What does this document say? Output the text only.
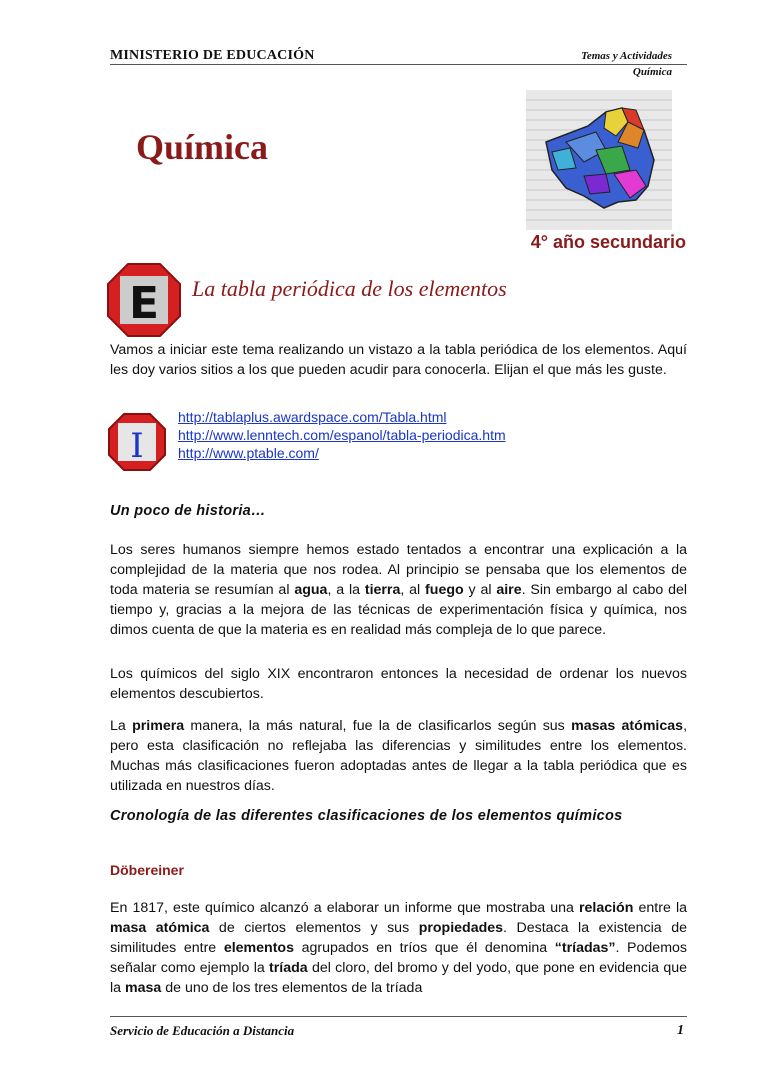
MINISTERIO DE EDUCACIÓN	Temas y Actividades
Química
Química
4° año secundario
E La tabla periódica de los elementos
Vamos a iniciar este tema realizando un vistazo a la tabla periódica de los elementos. Aquí les doy varios sitios a los que pueden acudir para conocerla. Elijan el que más les guste.
I
http://tablaplus.awardspace.com/Tabla.html
http://www.lenntech.com/espanol/tabla-periodica.htm
http://www.ptable.com/
Un poco de historia…
Los seres humanos siempre hemos estado tentados a encontrar una explicación a la complejidad de la materia que nos rodea. Al principio se pensaba que los elementos de toda materia se resumían al agua, a la tierra, al fuego y al aire. Sin embargo al cabo del tiempo y, gracias a la mejora de las técnicas de experimentación física y química, nos dimos cuenta de que la materia es en realidad más compleja de lo que parece.
Los químicos del siglo XIX encontraron entonces la necesidad de ordenar los nuevos elementos descubiertos.
La primera manera, la más natural, fue la de clasificarlos según sus masas atómicas, pero esta clasificación no reflejaba las diferencias y similitudes entre los elementos. Muchas más clasificaciones fueron adoptadas antes de llegar a la tabla periódica que es utilizada en nuestros días.
Cronología de las diferentes clasificaciones de los elementos químicos
Döbereiner
En 1817, este químico alcanzó a elaborar un informe que mostraba una relación entre la masa atómica de ciertos elementos y sus propiedades. Destaca la existencia de similitudes entre elementos agrupados en tríos que él denomina “tríadas”. Podemos señalar como ejemplo la tríada del cloro, del bromo y del yodo, que pone en evidencia que la masa de uno de los tres elementos de la tríada
Servicio de Educación a Distancia	1
